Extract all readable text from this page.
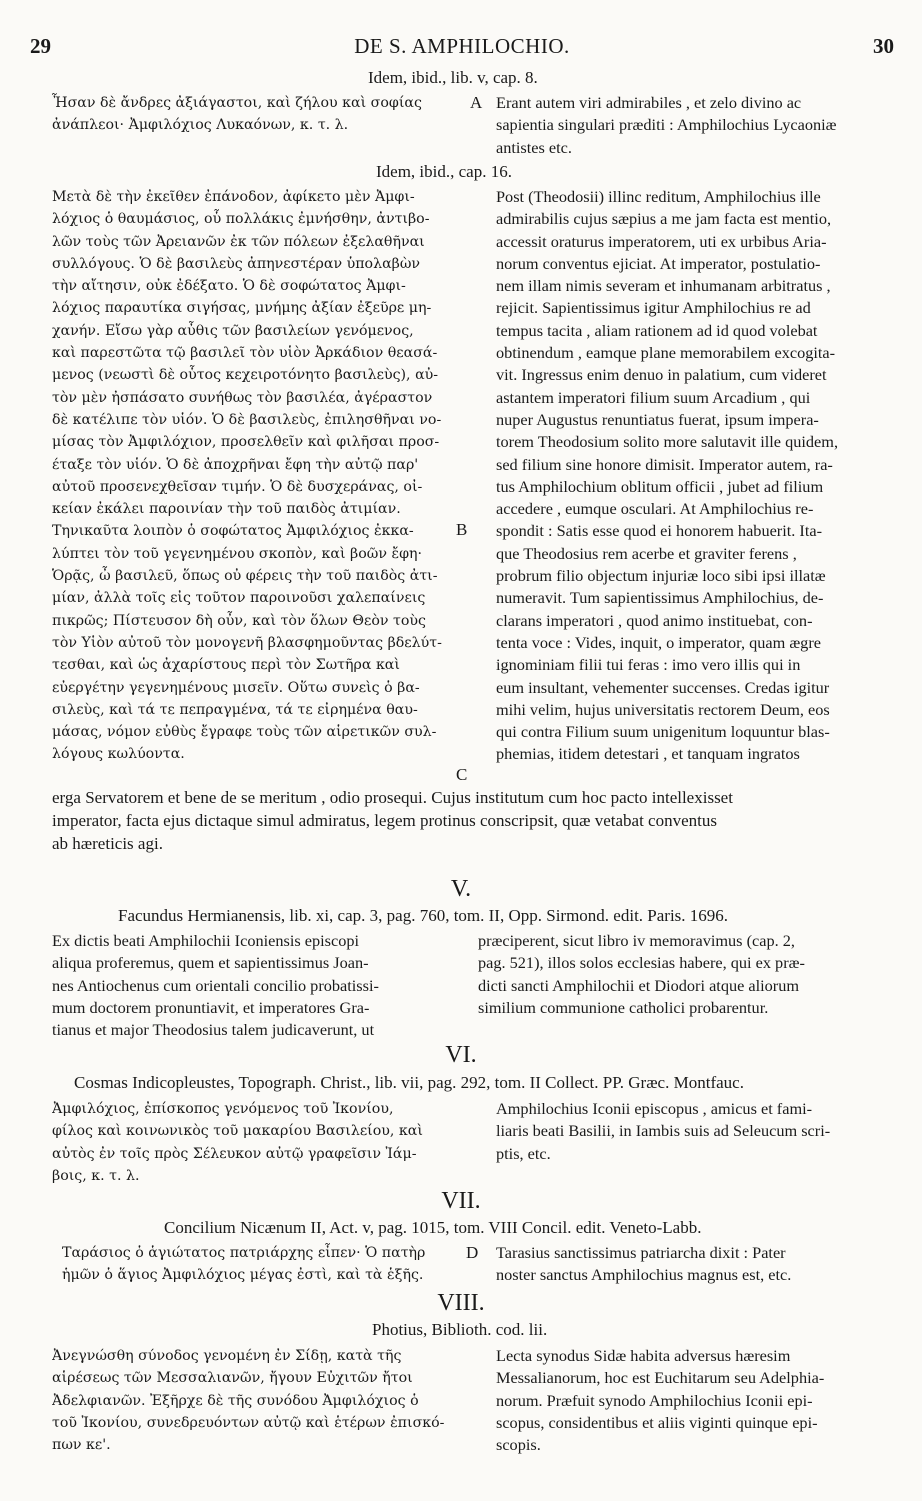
29	DE S. AMPHILOCHIO.	30
Idem, ibid., lib. v, cap. 8.
Ἦσαν δὲ ἄνδρες ἀξιάγαστοι, καὶ ζήλου καὶ σοφίας
ἀνάπλεοι· Ἀμφιλόχιος Λυκαόνων, κ. τ. λ.
A Erant autem viri admirabiles , et zelo divino ac
sapientia singulari præditi : Amphilochius Lycaoniæ
antistes etc.
Idem, ibid., cap. 16.
Μετὰ δὲ τὴν ἐκεῖθεν ἐπάνοδον, ἀφίκετο μὲν Ἀμφι-
λόχιος ὁ θαυμάσιος, οὗ πολλάκις ἐμνήσθην, ἀντιβο-
λῶν τοὺς τῶν Ἀρειανῶν ἐκ τῶν πόλεων ἐξελαθῆναι
συλλόγους. Ὁ δὲ βασιλεὺς ἀπηνεστέραν ὑπολαβὼν
τὴν αἴτησιν, οὐκ ἐδέξατο. Ὁ δὲ σοφώτατος Ἀμφι-
λόχιος παραυτίκα σιγήσας, μνήμης ἀξίαν ἐξεῦρε μη-
χανήν. Εἴσω γὰρ αὖθις τῶν βασιλείων γενόμενος,
καὶ παρεστῶτα τῷ βασιλεῖ τὸν υἱὸν Ἀρκάδιον θεασά-
μενος (νεωστὶ δὲ οὗτος κεχειροτόνητο βασιλεὺς), αὐ-
τὸν μὲν ἠσπάσατο συνήθως τὸν βασιλέα, ἀγέραστον
δὲ κατέλιπε τὸν υἱόν. Ὁ δὲ βασιλεὺς, ἐπιλησθῆναι νο-
μίσας τὸν Ἀμφιλόχιον, προσελθεῖν καὶ φιλῆσαι προσ-
έταξε τὸν υἱόν. Ὁ δὲ ἀποχρῆναι ἔφη τὴν αὐτῷ παρ'
αὐτοῦ προσενεχθεῖσαν τιμήν. Ὁ δὲ δυσχεράνας, οἰ-
κείαν ἐκάλει παροινίαν τὴν τοῦ παιδὸς ἀτιμίαν.
Τηνικαῦτα λοιπὸν ὁ σοφώτατος Ἀμφιλόχιος ἐκκα-
λύπτει τὸν τοῦ γεγενημένου σκοπὸν, καὶ βοῶν ἔφη·
Ὁρᾷς, ὦ βασιλεῦ, ὅπως οὐ φέρεις τὴν τοῦ παιδὸς ἀτι-
μίαν, ἀλλὰ τοῖς εἰς τοῦτον παροινοῦσι χαλεπαίνεις
πικρῶς; Πίστευσον δὴ οὖν, καὶ τὸν ὅλων Θεὸν τοὺς
τὸν Υἱὸν αὐτοῦ τὸν μονογενῆ βλασφημοῦντας βδελύτ-
τεσθαι, καὶ ὡς ἀχαρίστους περὶ τὸν Σωτῆρα καὶ
εὐεργέτην γεγενημένους μισεῖν. Οὕτω συνεὶς ὁ βα-
σιλεὺς, καὶ τά τε πεπραγμένα, τά τε εἰρημένα θαυ-
μάσας, νόμον εὐθὺς ἔγραφε τοὺς τῶν αἱρετικῶν συλ-
λόγους κωλύοντα.
B
C
Post (Theodosii) illinc reditum, Amphilochius ille
admirabilis cujus sæpius a me jam facta est mentio,
accessit oraturus imperatorem, uti ex urbibus Aria-
norum conventus ejiciat. At imperator, postulatio-
nem illam nimis severam et inhumanam arbitratus ,
rejicit. Sapientissimus igitur Amphilochius re ad
tempus tacita , aliam rationem ad id quod volebat
obtinendum , eamque plane memorabilem excogita-
vit. Ingressus enim denuo in palatium, cum videret
astantem imperatori filium suum Arcadium , qui
nuper Augustus renuntiatus fuerat, ipsum impera-
torem Theodosium solito more salutavit ille quidem,
sed filium sine honore dimisit. Imperator autem, ra-
tus Amphilochium oblitum officii , jubet ad filium
accedere , eumque osculari. At Amphilochius re-
spondit : Satis esse quod ei honorem habuerit. Ita-
que Theodosius rem acerbe et graviter ferens ,
probrum filio objectum injuriæ loco sibi ipsi illatæ
numeravit. Tum sapientissimus Amphilochius, de-
clarans imperatori , quod animo instituebat, con-
tenta voce : Vides, inquit, o imperator, quam ægre
ignominiam filii tui feras : imo vero illis qui in
eum insultant, vehementer succenses. Credas igitur
mihi velim, hujus universitatis rectorem Deum, eos
qui contra Filium suum unigenitum loquuntur blas-
phemias, itidem detestari , et tanquam ingratos
erga Servatorem et bene de se meritum , odio prosequi. Cujus institutum cum hoc pacto intellexisset
imperator, facta ejus dictaque simul admiratus, legem protinus conscripsit, quæ vetabat conventus
ab hæreticis agi.
V.
Facundus Hermianensis, lib. xi, cap. 3, pag. 760, tom. II, Opp. Sirmond. edit. Paris. 1696.
Ex dictis beati Amphilochii Iconiensis episcopi
aliqua proferemus, quem et sapientissimus Joan-
nes Antiochenus cum orientali concilio probatissi-
mum doctorem pronuntiavit, et imperatores Gra-
tianus et major Theodosius talem judicaverunt, ut
præciperent, sicut libro iv memoravimus (cap. 2,
pag. 521), illos solos ecclesias habere, qui ex præ-
dicti sancti Amphilochii et Diodori atque aliorum
similium communione catholici probarentur.
VI.
Cosmas Indicopleustes, Topograph. Christ., lib. vii, pag. 292, tom. II Collect. PP. Græc. Montfauc.
Ἀμφιλόχιος, ἐπίσκοπος γενόμενος τοῦ Ἰκονίου,
φίλος καὶ κοινωνικὸς τοῦ μακαρίου Βασιλείου, καὶ
αὐτὸς ἐν τοῖς πρὸς Σέλευκον αὐτῷ γραφεῖσιν Ἰάμ-
βοις, κ. τ. λ.
Amphilochius Iconii episcopus , amicus et fami-
liaris beati Basilii, in Iambis suis ad Seleucum scri-
ptis, etc.
VII.
Concilium Nicænum II, Act. v, pag. 1015, tom. VIII Concil. edit. Veneto-Labb.
Ταράσιος ὁ ἁγιώτατος πατριάρχης εἶπεν· Ὁ πατὴρ
ἡμῶν ὁ ἅγιος Ἀμφιλόχιος μέγας ἐστὶ, καὶ τὰ ἑξῆς.
D Tarasius sanctissimus patriarcha dixit : Pater
noster sanctus Amphilochius magnus est, etc.
VIII.
Photius, Biblioth. cod. lii.
Ἀνεγνώσθη σύνοδος γενομένη ἐν Σίδῃ, κατὰ τῆς
αἱρέσεως τῶν Μεσσαλιανῶν, ἤγουν Εὐχιτῶν ἤτοι
Ἀδελφιανῶν. Ἐξῆρχε δὲ τῆς συνόδου Ἀμφιλόχιος ὁ
τοῦ Ἰκονίου, συνεδρευόντων αὐτῷ καὶ ἑτέρων ἐπισκό-
πων κε'.
Lecta synodus Sidæ habita adversus hæresim
Messalianorum, hoc est Euchitarum seu Adelphia-
norum. Præfuit synodo Amphilochius Iconii epi-
scopus, considentibus et aliis viginti quinque epi-
scopis.
